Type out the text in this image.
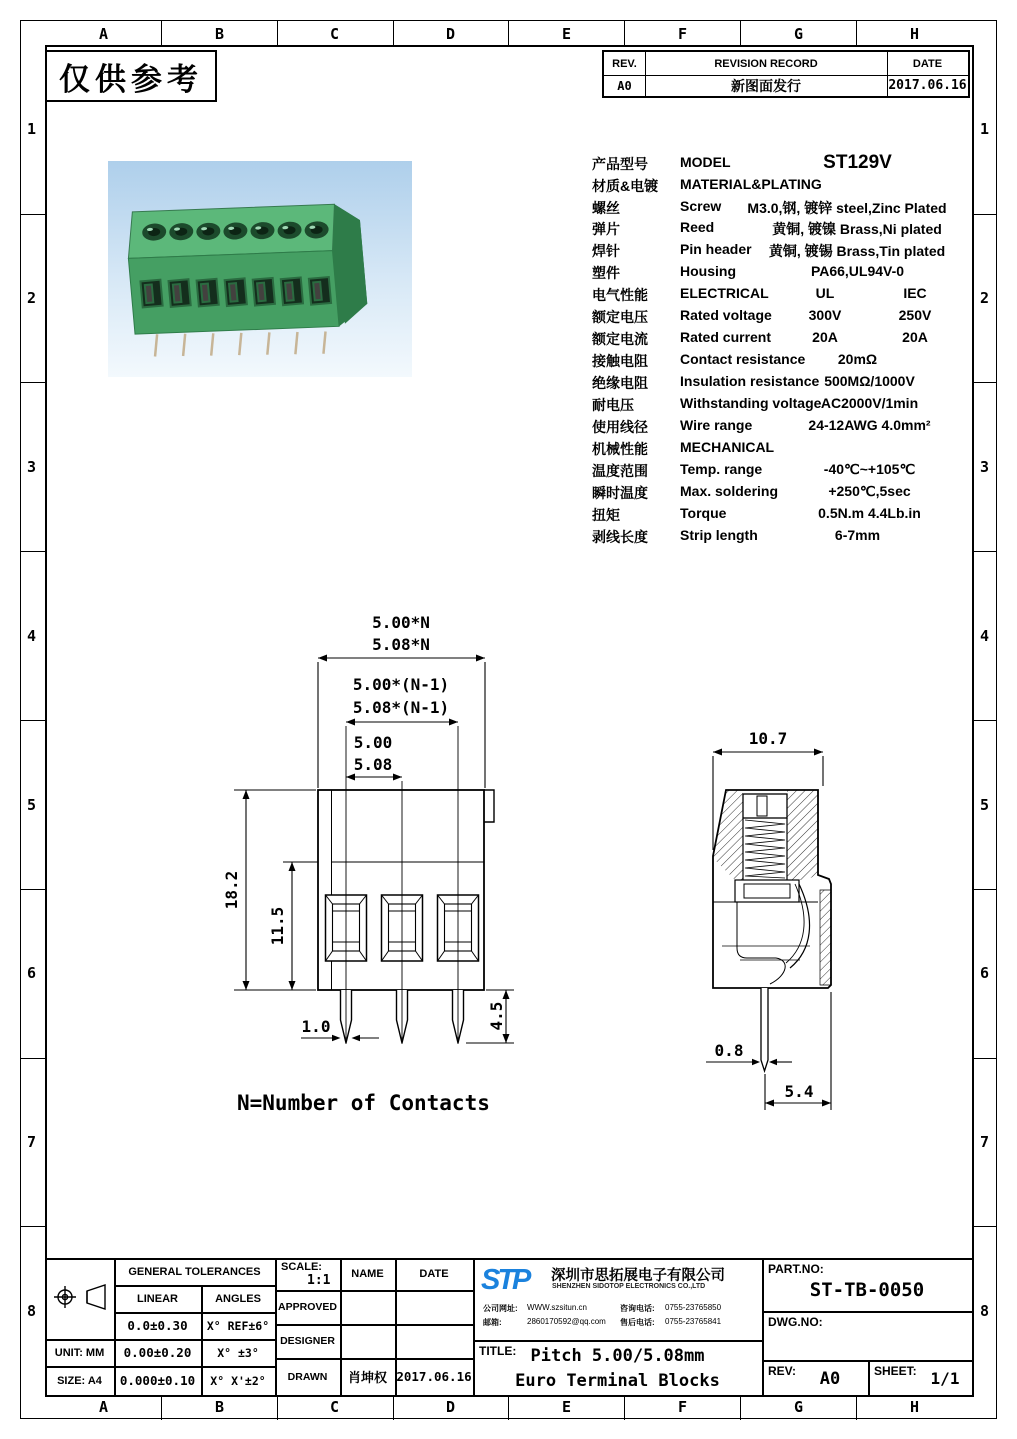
A	B	C	D	E	F	G	H
A	B	C	D	E	F	G	H
1
2
3
4
5
6
7
8
1
2
3
4
5
6
7
8
仅供参考	REV.	REVISION RECORD	DATE
A0	新图面发行	2017.06.16
产品型号	MODEL	ST129V
材质&电镀	MATERIAL&PLATING
螺丝	Screw	M3.0,钢, 镀锌 steel,Zinc Plated
弹片	Reed	黄铜, 镀镍 Brass,Ni plated
焊针	Pin header	黄铜, 镀锡 Brass,Tin plated
塑件	Housing	PA66,UL94V-0
电气性能	ELECTRICAL	UL	IEC
额定电压	Rated voltage	300V	250V
额定电流	Rated current	20A	20A
接触电阻	Contact resistance	20mΩ
绝缘电阻	Insulation resistance 500MΩ/1000V
耐电压	Withstanding voltage AC2000V/1min
使用线径	Wire range	24-12AWG 4.0mm²
机械性能	MECHANICAL
温度范围	Temp. range	-40℃~+105℃
瞬时温度	Max. soldering	+250℃,5sec
扭矩	Torque	0.5N.m 4.4Lb.in
剥线长度	Strip length	6-7mm
5.00*N
5.08*N
5.00*(N-1)
5.08*(N-1)
5.00
5.08
18.2
11.5
1.0	4.5
N=Number of Contacts
10.7
0.8
5.4
GENERAL TOLERANCES
LINEAR	ANGLES
0.0±0.30	X° REF±6°
UNIT: MM	0.00±0.20	X° ±3°
SIZE: A4	0.000±0.10	X° X'±2°
SCALE:
1:1	NAME	DATE
APPROVED
DESIGNER
DRAWN	肖坤权 2017.06.16
STP	深圳市思拓展电子有限公司
SHENZHEN SIDOTOP ELECTRONICS CO.,LTD
公司网址: WWW.szsitun.cn
邮箱:	2860170592@qq.com
咨询电话: 0755-23765850
售后电话: 0755-23765841
TITLE: Pitch 5.00/5.08mm
Euro Terminal Blocks
PART.NO:
ST-TB-0050
DWG.NO:
REV:	A0	SHEET: 1/1
